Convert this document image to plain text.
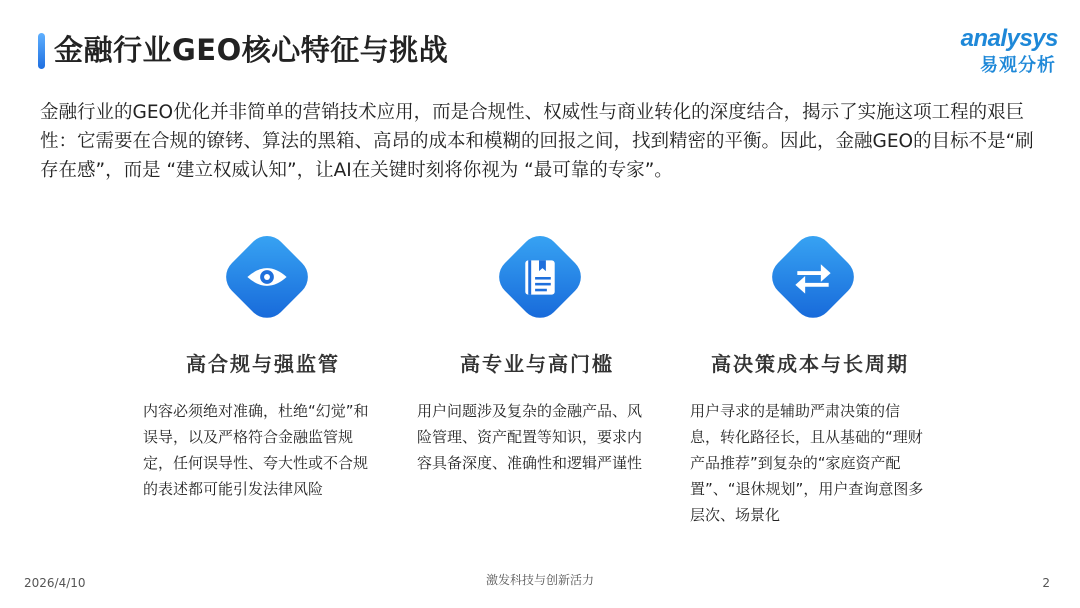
金融行业GEO核心特征与挑战	analysys
易观分析
金融行业的GEO优化并非简单的营销技术应用，而是合规性、权威性与商业转化的深度结合，揭示了实施这项工程的艰巨性：它需要在合规的镣铐、算法的黑箱、高昂的成本和模糊的回报之间，找到精密的平衡。因此，金融GEO的目标不是“刷存在感”，而是 “建立权威认知”，让AI在关键时刻将你视为 “最可靠的专家”。
高合规与强监管
内容必须绝对准确，杜绝“幻觉”和误导，以及严格符合金融监管规定，任何误导性、夸大性或不合规的表述都可能引发法律风险
高专业与高门槛
用户问题涉及复杂的金融产品、风险管理、资产配置等知识，要求内容具备深度、准确性和逻辑严谨性
高决策成本与长周期
用户寻求的是辅助严肃决策的信息，转化路径长，且从基础的“理财产品推荐”到复杂的“家庭资产配置”、“退休规划”，用户查询意图多层次、场景化
2026/4/10	激发科技与创新活力	2
